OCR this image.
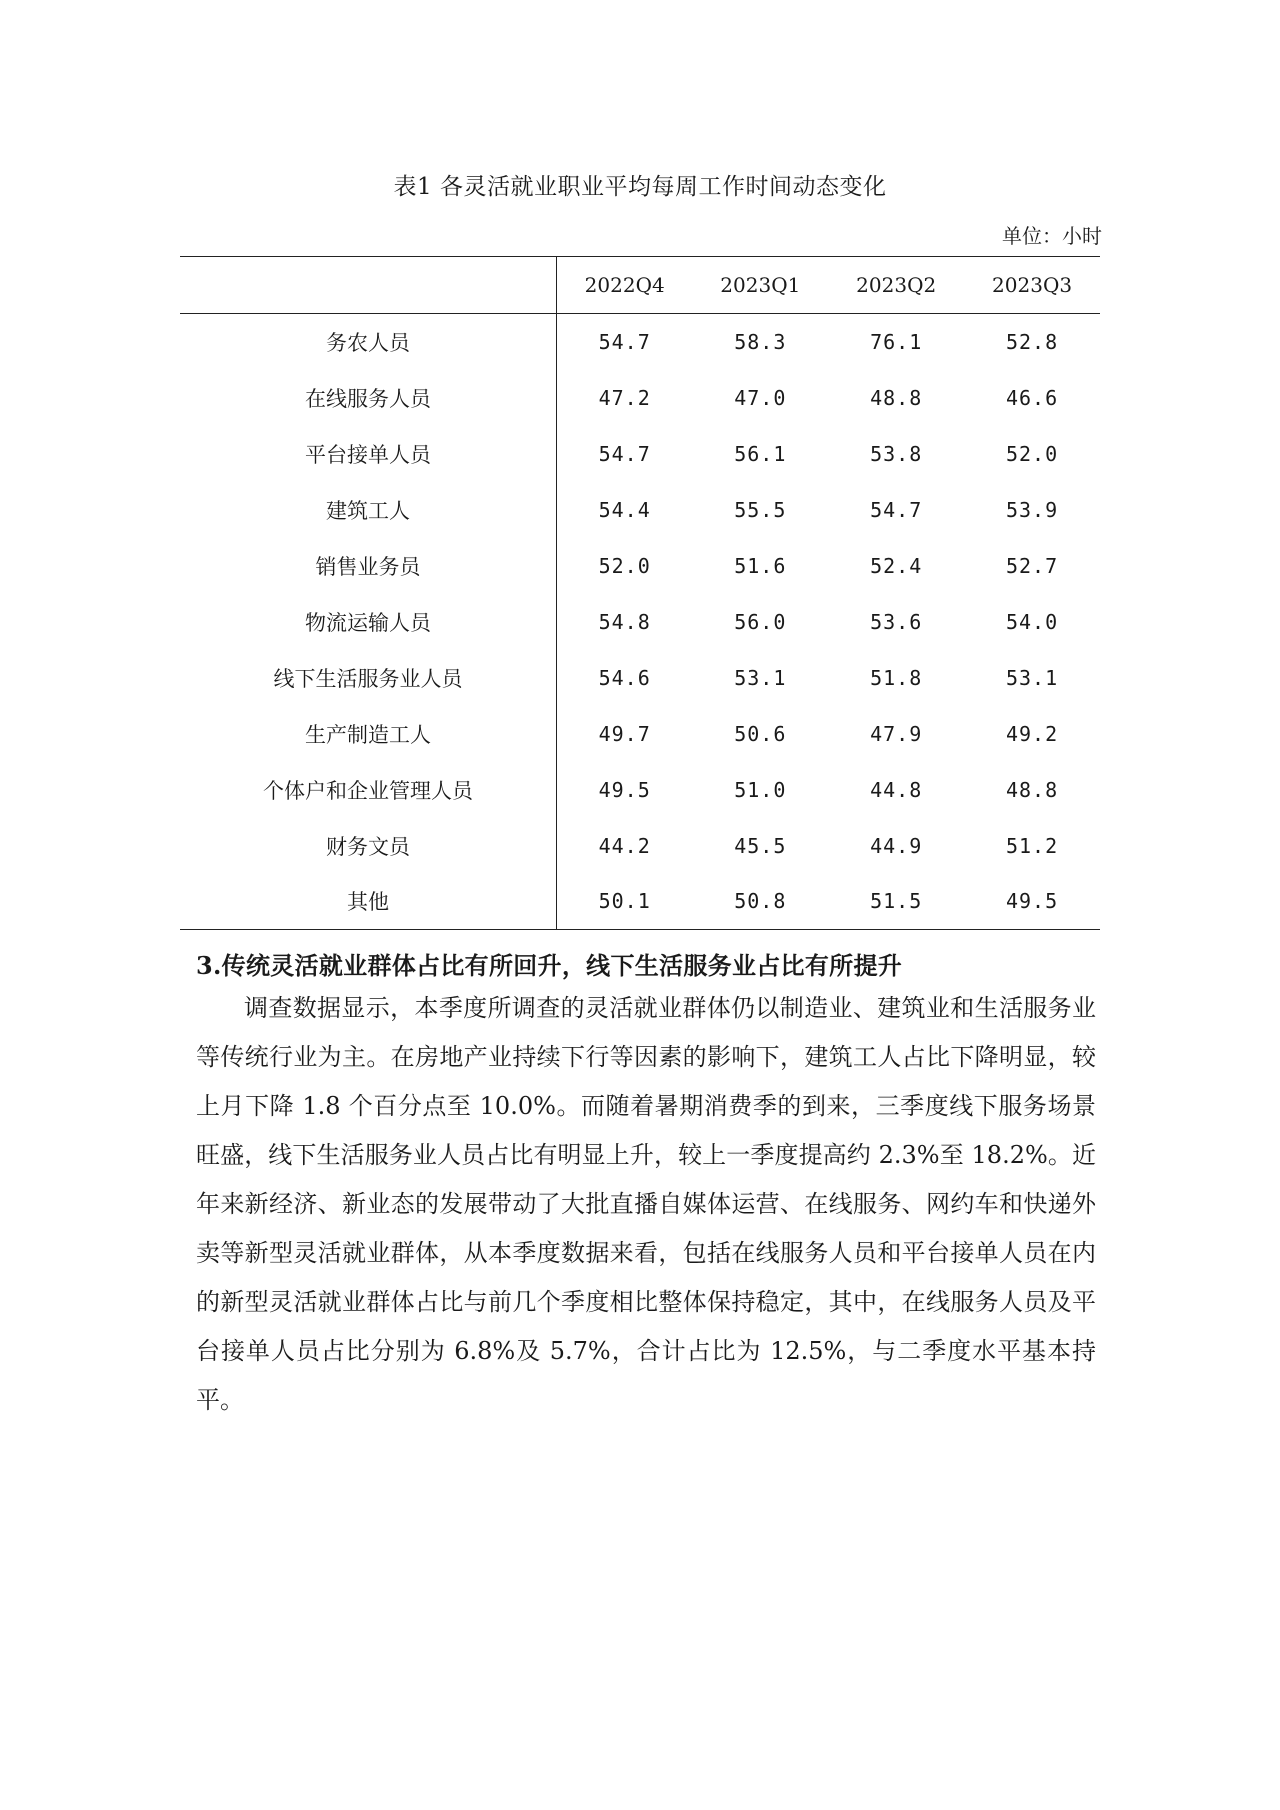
表1 各灵活就业职业平均每周工作时间动态变化
单位：小时
	2022Q4	2023Q1	2023Q2	2023Q3
务农人员	54.7	58.3	76.1	52.8
在线服务人员	47.2	47.0	48.8	46.6
平台接单人员	54.7	56.1	53.8	52.0
建筑工人	54.4	55.5	54.7	53.9
销售业务员	52.0	51.6	52.4	52.7
物流运输人员	54.8	56.0	53.6	54.0
线下生活服务业人员	54.6	53.1	51.8	53.1
生产制造工人	49.7	50.6	47.9	49.2
个体户和企业管理人员	49.5	51.0	44.8	48.8
财务文员	44.2	45.5	44.9	51.2
其他	50.1	50.8	51.5	49.5
3.传统灵活就业群体占比有所回升，线下生活服务业占比有所提升

调查数据显示，本季度所调查的灵活就业群体仍以制造业、建筑业和生活服务业等传统行业为主。在房地产业持续下行等因素的影响下，建筑工人占比下降明显，较上月下降 1.8 个百分点至 10.0%。而随着暑期消费季的到来，三季度线下服务场景旺盛，线下生活服务业人员占比有明显上升，较上一季度提高约 2.3%至 18.2%。近年来新经济、新业态的发展带动了大批直播自媒体运营、在线服务、网约车和快递外卖等新型灵活就业群体，从本季度数据来看，包括在线服务人员和平台接单人员在内的新型灵活就业群体占比与前几个季度相比整体保持稳定，其中，在线服务人员及平台接单人员占比分别为 6.8%及 5.7%，合计占比为 12.5%，与二季度水平基本持平。
